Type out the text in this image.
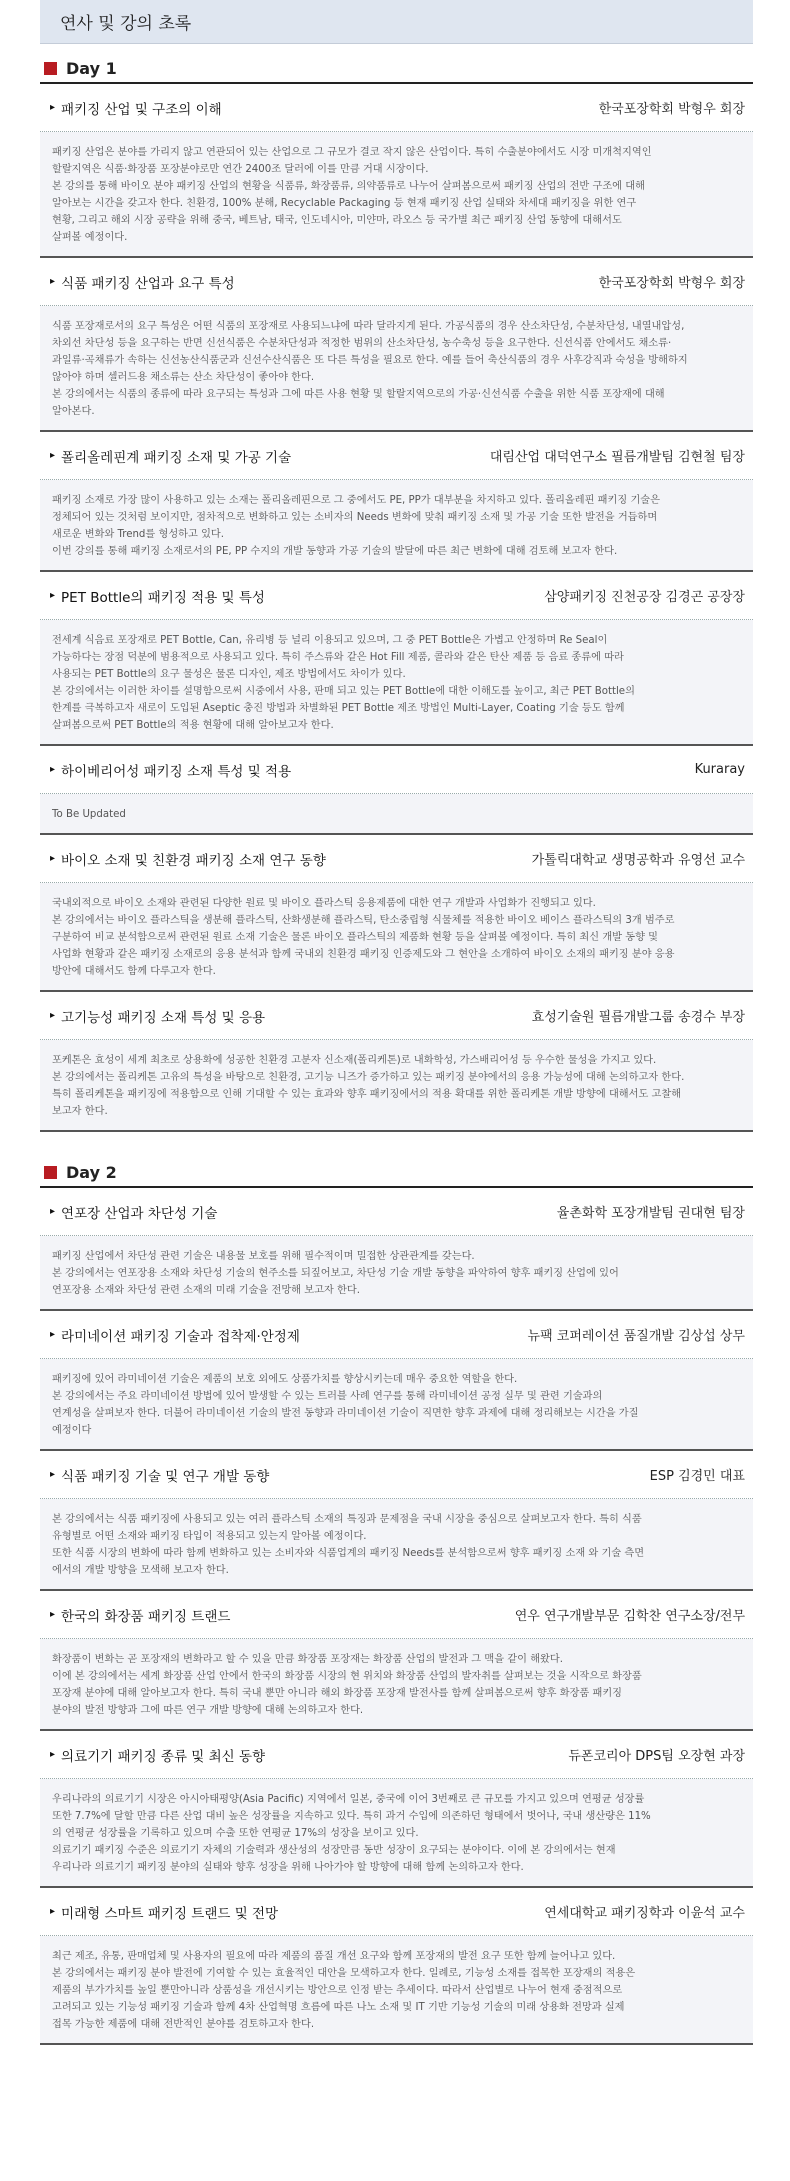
연사 및 강의 초록
Day 1
▸ 패키징 산업 및 구조의 이해	한국포장학회 박형우 회장

패키징 산업은 분야를 가리지 않고 연관되어 있는 산업으로 그 규모가 결코 작지 않은 산업이다. 특히 수출분야에서도 시장 미개척지역인

할랄지역은 식품·화장품 포장분야로만 연간 2400조 달러에 이를 만큼 거대 시장이다.

본 강의를 통해 바이오 분야 패키징 산업의 현황을 식품류, 화장품류, 의약품류로 나누어 살펴봄으로써 패키징 산업의 전반 구조에 대해

알아보는 시간을 갖고자 한다. 친환경, 100% 분해, Recyclable Packaging 등 현재 패키징 산업 실태와 차세대 패키징을 위한 연구

현황, 그리고 해외 시장 공략을 위해 중국, 베트남, 태국, 인도네시아, 미얀마, 라오스 등 국가별 최근 패키징 산업 동향에 대해서도

살펴볼 예정이다.

▸ 식품 패키징 산업과 요구 특성	한국포장학회 박형우 회장

식품 포장재로서의 요구 특성은 어떤 식품의 포장재로 사용되느냐에 따라 달라지게 된다. 가공식품의 경우 산소차단성, 수분차단성, 내열내압성,

차외선 차단성 등을 요구하는 반면 신선식품은 수분차단성과 적정한 범위의 산소차단성, 농수축성 등을 요구한다. 신선식품 안에서도 채소류·

과일류·곡채류가 속하는 신선농산식품군과 신선수산식품은 또 다른 특성을 필요로 한다. 예를 들어 축산식품의 경우 사후강직과 숙성을 방해하지

않아야 하며 셀러드용 채소류는 산소 차단성이 좋아야 한다.

본 강의에서는 식품의 종류에 따라 요구되는 특성과 그에 따른 사용 현황 및 할랄지역으로의 가공·신선식품 수출을 위한 식품 포장재에 대해

알아본다.

▸ 폴리올레핀계 패키징 소재 및 가공 기술	대림산업 대덕연구소 필름개발팀 김현철 팀장

패키징 소재로 가장 많이 사용하고 있는 소재는 폴리올레핀으로 그 중에서도 PE, PP가 대부분을 차지하고 있다. 폴리올레핀 패키징 기술은

정체되어 있는 것처럼 보이지만, 점차적으로 변화하고 있는 소비자의 Needs 변화에 맞춰 패키징 소재 및 가공 기술 또한 발전을 거듭하며

새로운 변화와 Trend를 형성하고 있다.

이번 강의를 통해 패키징 소재로서의 PE, PP 수지의 개발 동향과 가공 기술의 발달에 따른 최근 변화에 대해 검토해 보고자 한다.

▸ PET Bottle의 패키징 적용 및 특성	삼양패키징 진천공장 김경곤 공장장

전세계 식음료 포장재로 PET Bottle, Can, 유리병 등 널리 이용되고 있으며, 그 중 PET Bottle은 가볍고 안정하며 Re Seal이

가능하다는 장점 덕분에 범용적으로 사용되고 있다. 특히 주스류와 같은 Hot Fill 제품, 콜라와 같은 탄산 제품 등 음료 종류에 따라

사용되는 PET Bottle의 요구 물성은 물론 디자인, 제조 방법에서도 차이가 있다.

본 강의에서는 이러한 차이를 설명함으로써 시중에서 사용, 판매 되고 있는 PET Bottle에 대한 이해도를 높이고, 최근 PET Bottle의

한계를 극복하고자 새로이 도입된 Aseptic 충진 방법과 차별화된 PET Bottle 제조 방법인 Multi-Layer, Coating 기술 등도 함께

살펴봄으로써 PET Bottle의 적용 현황에 대해 알아보고자 한다.

▸ 하이베리어성 패키징 소재 특성 및 적용	Kuraray

To Be Updated

▸ 바이오 소재 및 친환경 패키징 소재 연구 동향	가톨릭대학교 생명공학과 유영선 교수

국내외적으로 바이오 소재와 관련된 다양한 원료 및 바이오 플라스틱 응용제품에 대한 연구 개발과 사업화가 진행되고 있다.

본 강의에서는 바이오 플라스틱을 생분해 플라스틱, 산화생분해 플라스틱, 탄소중립형 식물체를 적용한 바이오 베이스 플라스틱의 3개 범주로

구분하여 비교 분석함으로써 관련된 원료 소재 기술은 물론 바이오 플라스틱의 제품화 현황 등을 살펴볼 예정이다. 특히 최신 개발 동향 및

사업화 현황과 같은 패키징 소재로의 응용 분석과 함께 국내외 친환경 패키징 인증제도와 그 현안을 소개하여 바이오 소재의 패키징 분야 응용

방안에 대해서도 함께 다루고자 한다.

▸ 고기능성 패키징 소재 특성 및 응용	효성기술원 필름개발그룹 송경수 부장

포케톤은 효성이 세계 최초로 상용화에 성공한 친환경 고분자 신소재(폴리케톤)로 내화학성, 가스배리어성 등 우수한 물성을 가지고 있다.

본 강의에서는 폴리케톤 고유의 특성을 바탕으로 친환경, 고기능 니즈가 증가하고 있는 패키징 분야에서의 응용 가능성에 대해 논의하고자 한다.

특히 폴리케톤을 패키징에 적용함으로 인해 기대할 수 있는 효과와 향후 패키징에서의 적용 확대를 위한 폴리케톤 개발 방향에 대해서도 고찰해

보고자 한다.

Day 2
▸ 연포장 산업과 차단성 기술	율촌화학 포장개발팀 권대현 팀장

패키징 산업에서 차단성 관련 기술은 내용물 보호를 위해 필수적이며 밀접한 상관관계를 갖는다.

본 강의에서는 연포장용 소재와 차단성 기술의 현주소를 되짚어보고, 차단성 기술 개발 동향을 파악하여 향후 패키징 산업에 있어

연포장용 소재와 차단성 관련 소재의 미래 기술을 전망해 보고자 한다.

▸ 라미네이션 패키징 기술과 접착제·안정제	뉴팩 코퍼레이션 품질개발 김상섭 상무

패키징에 있어 라미네이션 기술은 제품의 보호 외에도 상품가치를 향상시키는데 매우 중요한 역할을 한다.

본 강의에서는 주요 라미네이션 방법에 있어 발생할 수 있는 트러블 사례 연구를 통해 라미네이션 공정 실무 및 관련 기술과의

연계성을 살펴보자 한다. 더불어 라미네이션 기술의 발전 동향과 라미네이션 기술이 직면한 향후 과제에 대해 정리해보는 시간을 가질

예정이다

▸ 식품 패키징 기술 및 연구 개발 동향	ESP 김경민 대표

본 강의에서는 식품 패키징에 사용되고 있는 여러 플라스틱 소재의 특징과 문제점을 국내 시장을 중심으로 살펴보고자 한다. 특히 식품

유형별로 어떤 소재와 패키징 타입이 적용되고 있는지 알아볼 예정이다.

또한 식품 시장의 변화에 따라 함께 변화하고 있는 소비자와 식품업계의 패키징 Needs를 분석함으로써 향후 패키징 소재 와 기술 측면

에서의 개발 방향을 모색해 보고자 한다.

▸ 한국의 화장품 패키징 트랜드	연우 연구개발부문 김학찬 연구소장/전무

화장품이 변화는 곧 포장재의 변화라고 할 수 있을 만큼 화장품 포장재는 화장품 산업의 발전과 그 맥을 같이 해왔다.

이에 본 강의에서는 세계 화장품 산업 안에서 한국의 화장품 시장의 현 위치와 화장품 산업의 발자취를 살펴보는 것을 시작으로 화장품

포장재 분야에 대해 알아보고자 한다. 특히 국내 뿐만 아니라 해외 화장품 포장재 발전사를 함께 살펴봄으로써 향후 화장품 패키징

분야의 발전 방향과 그에 따른 연구 개발 방향에 대해 논의하고자 한다.

▸ 의료기기 패키징 종류 및 최신 동향	듀폰코리아 DPS팀 오장현 과장

우리나라의 의료기기 시장은 아시아태평양(Asia Pacific) 지역에서 일본, 중국에 이어 3번째로 큰 규모를 가지고 있으며 연평균 성장률

또한 7.7%에 달할 만큼 다른 산업 대비 높은 성장률을 지속하고 있다. 특히 과거 수입에 의존하던 형태에서 벗어나, 국내 생산량은 11%

의 연평균 성장률을 기록하고 있으며 수출 또한 연평균 17%의 성장을 보이고 있다.

의료기기 패키징 수준은 의료기기 자체의 기술력과 생산성의 성장만큼 동반 성장이 요구되는 분야이다. 이에 본 강의에서는 현재

우리나라 의료기기 패키징 분야의 실태와 향후 성장을 위해 나아가야 할 방향에 대해 함께 논의하고자 한다.

▸ 미래형 스마트 패키징 트랜드 및 전망	연세대학교 패키징학과 이윤석 교수

최근 제조, 유통, 판매업체 및 사용자의 필요에 따라 제품의 품질 개선 요구와 함께 포장재의 발전 요구 또한 함께 늘어나고 있다.

본 강의에서는 패키징 분야 발전에 기여할 수 있는 효율적인 대안을 모색하고자 한다. 일례로, 기능성 소재를 접목한 포장재의 적용은

제품의 부가가치를 높일 뿐만아니라 상품성을 개선시키는 방안으로 인정 받는 추세이다. 따라서 산업별로 나누어 현재 중점적으로

고려되고 있는 기능성 패키징 기술과 함께 4차 산업혁명 흐름에 따른 나노 소재 및 IT 기반 기능성 기술의 미래 상용화 전망과 실제

접목 가능한 제품에 대해 전반적인 분야를 검토하고자 한다.
